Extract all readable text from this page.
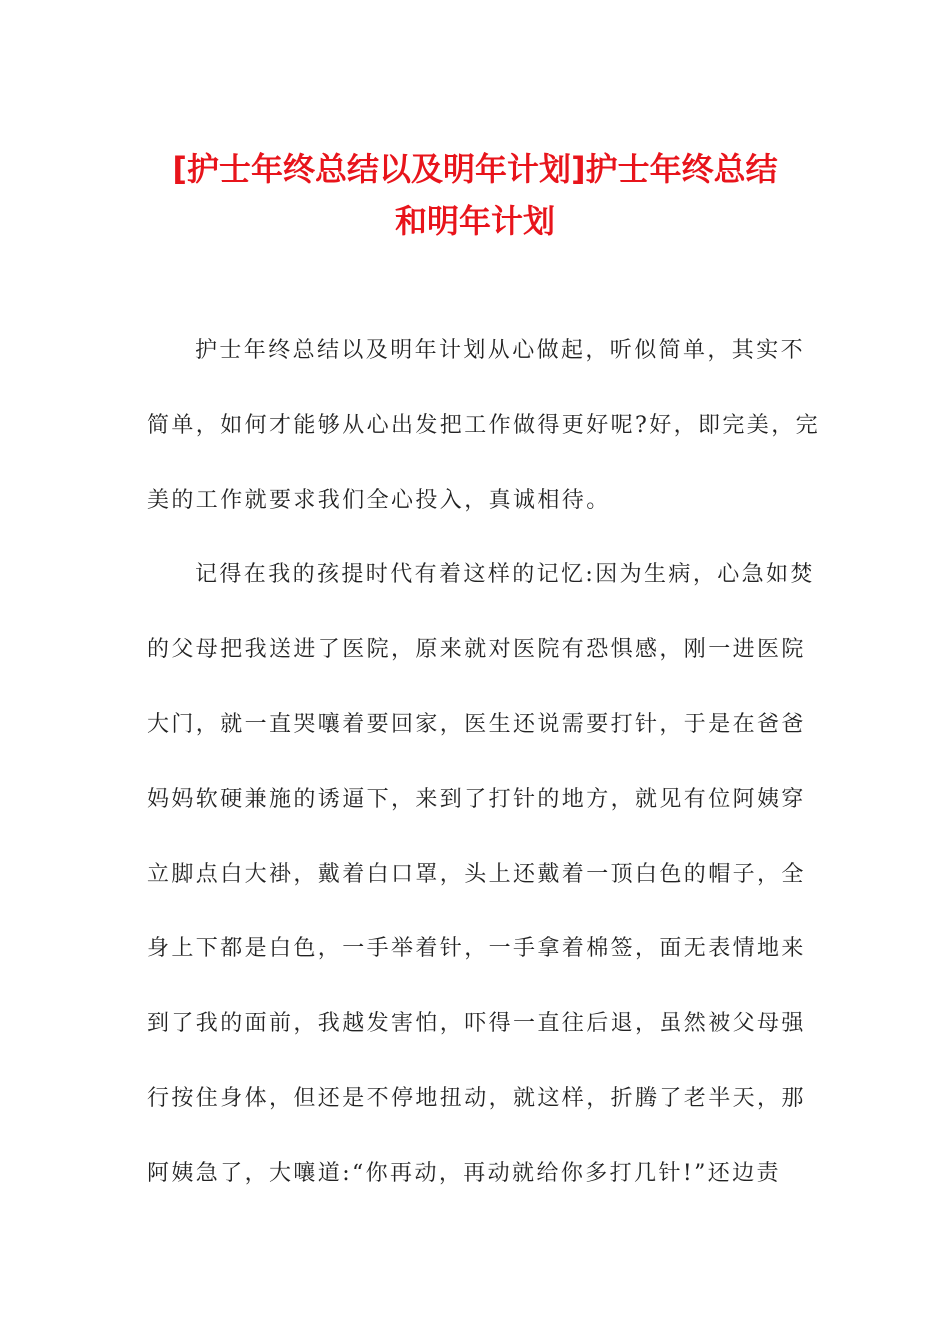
[护士年终总结以及明年计划]护士年终总结
和明年计划
护士年终总结以及明年计划从心做起，听似简单，其实不
简单，如何才能够从心出发把工作做得更好呢?好，即完美，完
美的工作就要求我们全心投入，真诚相待。
记得在我的孩提时代有着这样的记忆:因为生病，心急如焚
的父母把我送进了医院，原来就对医院有恐惧感，刚一进医院
大门，就一直哭嚷着要回家，医生还说需要打针，于是在爸爸
妈妈软硬兼施的诱逼下，来到了打针的地方，就见有位阿姨穿
立脚点白大褂，戴着白口罩，头上还戴着一顶白色的帽子，全
身上下都是白色，一手举着针，一手拿着棉签，面无表情地来
到了我的面前，我越发害怕，吓得一直往后退，虽然被父母强
行按住身体，但还是不停地扭动，就这样，折腾了老半天，那
阿姨急了，大嚷道:“你再动，再动就给你多打几针!”还边责
